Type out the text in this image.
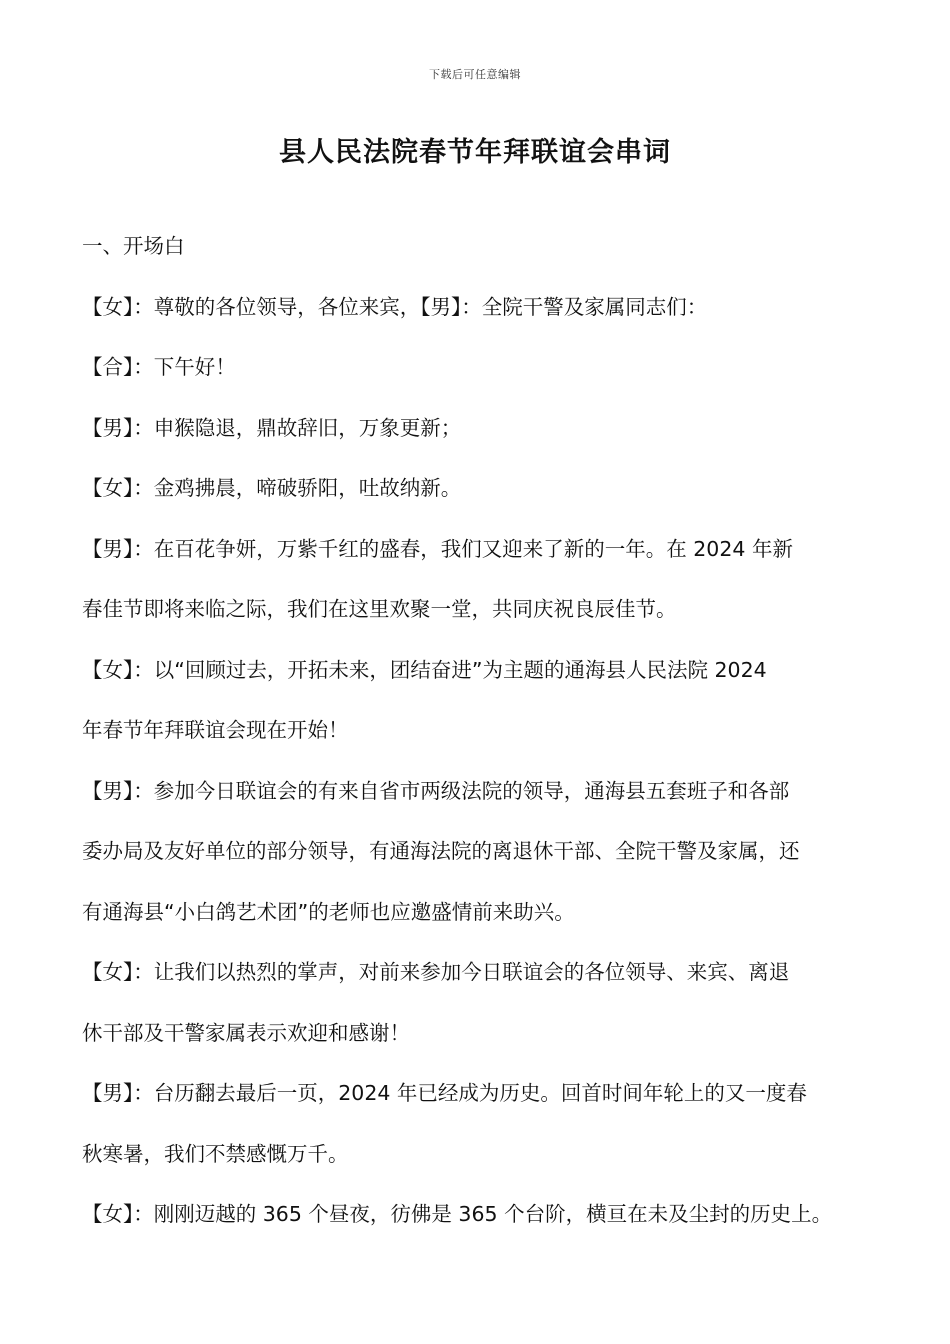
下载后可任意编辑
县人民法院春节年拜联谊会串词

一、开场白

【女】：尊敬的各位领导，各位来宾，【男】：全院干警及家属同志们：

【合】：下午好！

【男】：申猴隐退，鼎故辞旧，万象更新；

【女】：金鸡拂晨，啼破骄阳，吐故纳新。

【男】：在百花争妍，万紫千红的盛春，我们又迎来了新的一年。在 2024 年新

春佳节即将来临之际，我们在这里欢聚一堂，共同庆祝良辰佳节。

【女】：以“回顾过去，开拓未来，团结奋进”为主题的通海县人民法院 2024

年春节年拜联谊会现在开始！

【男】：参加今日联谊会的有来自省市两级法院的领导，通海县五套班子和各部

委办局及友好单位的部分领导，有通海法院的离退休干部、全院干警及家属，还

有通海县“小白鸽艺术团”的老师也应邀盛情前来助兴。

【女】：让我们以热烈的掌声，对前来参加今日联谊会的各位领导、来宾、离退

休干部及干警家属表示欢迎和感谢！

【男】：台历翻去最后一页，2024 年已经成为历史。回首时间年轮上的又一度春

秋寒暑，我们不禁感慨万千。

【女】：刚刚迈越的 365 个昼夜，彷佛是 365 个台阶，横亘在未及尘封的历史上。
